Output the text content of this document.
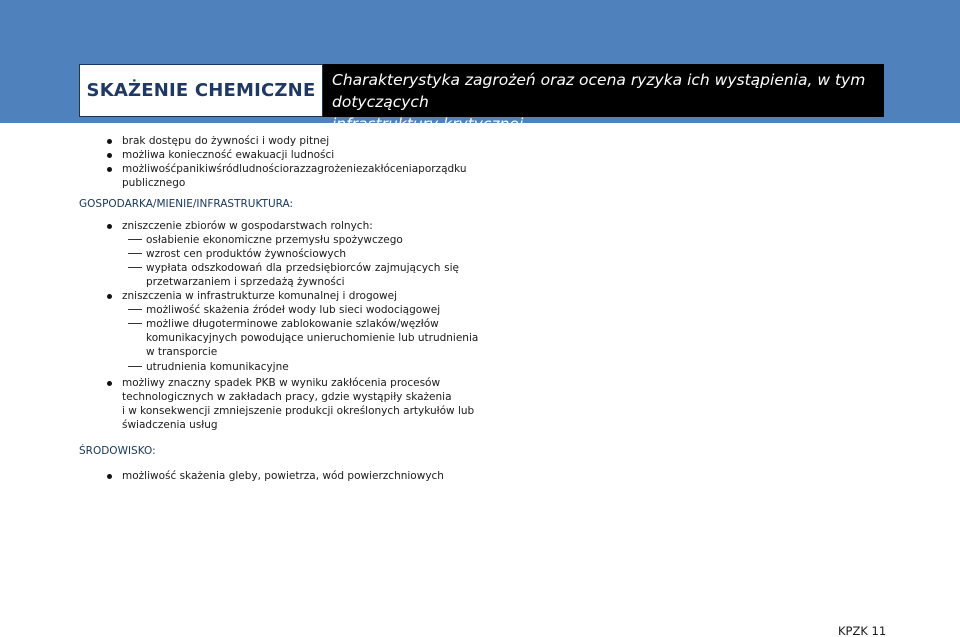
SKAŻENIE CHEMICZNE Charakterystyka zagrożeń oraz ocena ryzyka ich wystąpienia, w tym dotyczących
infrastruktury krytycznej
brak dostępu do żywności i wody pitnej
możliwa konieczność ewakuacji ludności
możliwość paniki wśród ludności oraz zagrożenie zakłócenia porządku
publicznego
GOSPODARKA/MIENIE/INFRASTRUKTURA:
zniszczenie zbiorów w gospodarstwach rolnych:
osłabienie ekonomiczne przemysłu spożywczego
wzrost cen produktów żywnościowych
wypłata odszkodowań dla przedsiębiorców zajmujących się
przetwarzaniem i sprzedażą żywności
zniszczenia w infrastrukturze komunalnej i drogowej
możliwość skażenia źródeł wody lub sieci wodociągowej
możliwe długoterminowe zablokowanie szlaków/węzłów
komunikacyjnych powodujące unieruchomienie lub utrudnienia
w transporcie
utrudnienia komunikacyjne
możliwy znaczny spadek PKB w wyniku zakłócenia procesów
technologicznych w zakładach pracy, gdzie wystąpiły skażenia
i w konsekwencji zmniejszenie produkcji określonych artykułów lub
świadczenia usług
ŚRODOWISKO:
możliwość skażenia gleby, powietrza, wód powierzchniowych
KPZK 11
